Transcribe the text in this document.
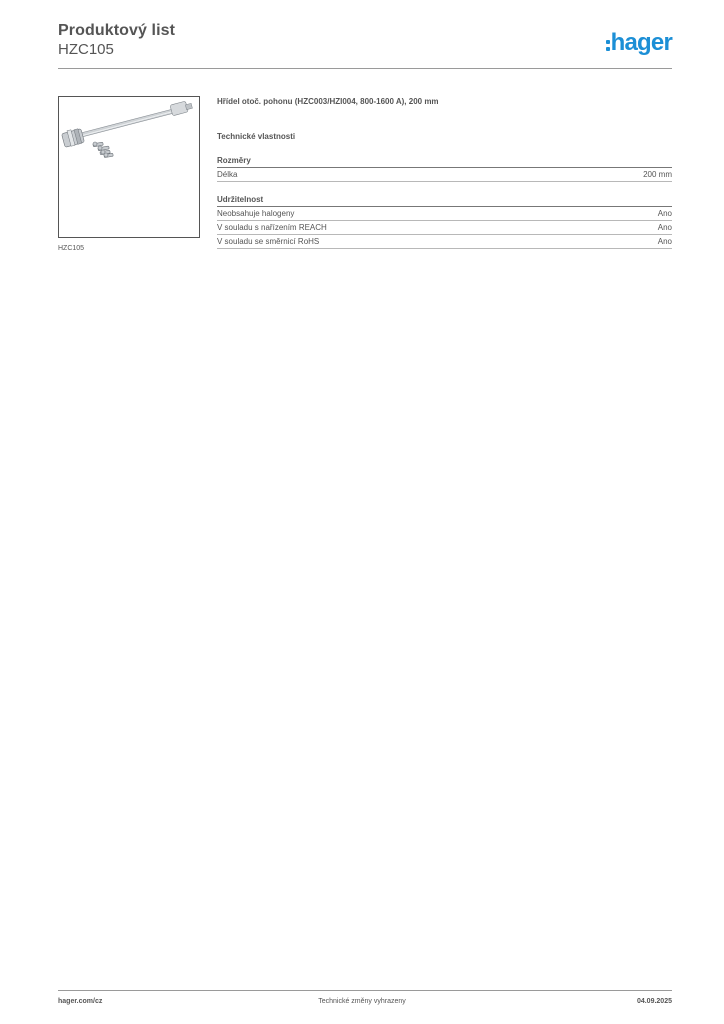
Produktový list
HZC105	hager
HZC105
Hřídel otoč. pohonu (HZC003/HZI004, 800-1600 A), 200 mm
Technické vlastnosti
Rozměry
Délka	200 mm
Udržitelnost
Neobsahuje halogeny	Ano
V souladu s nařízením REACH	Ano
V souladu se směrnicí RoHS	Ano
hager.com/cz	Technické změny vyhrazeny	04.09.2025
